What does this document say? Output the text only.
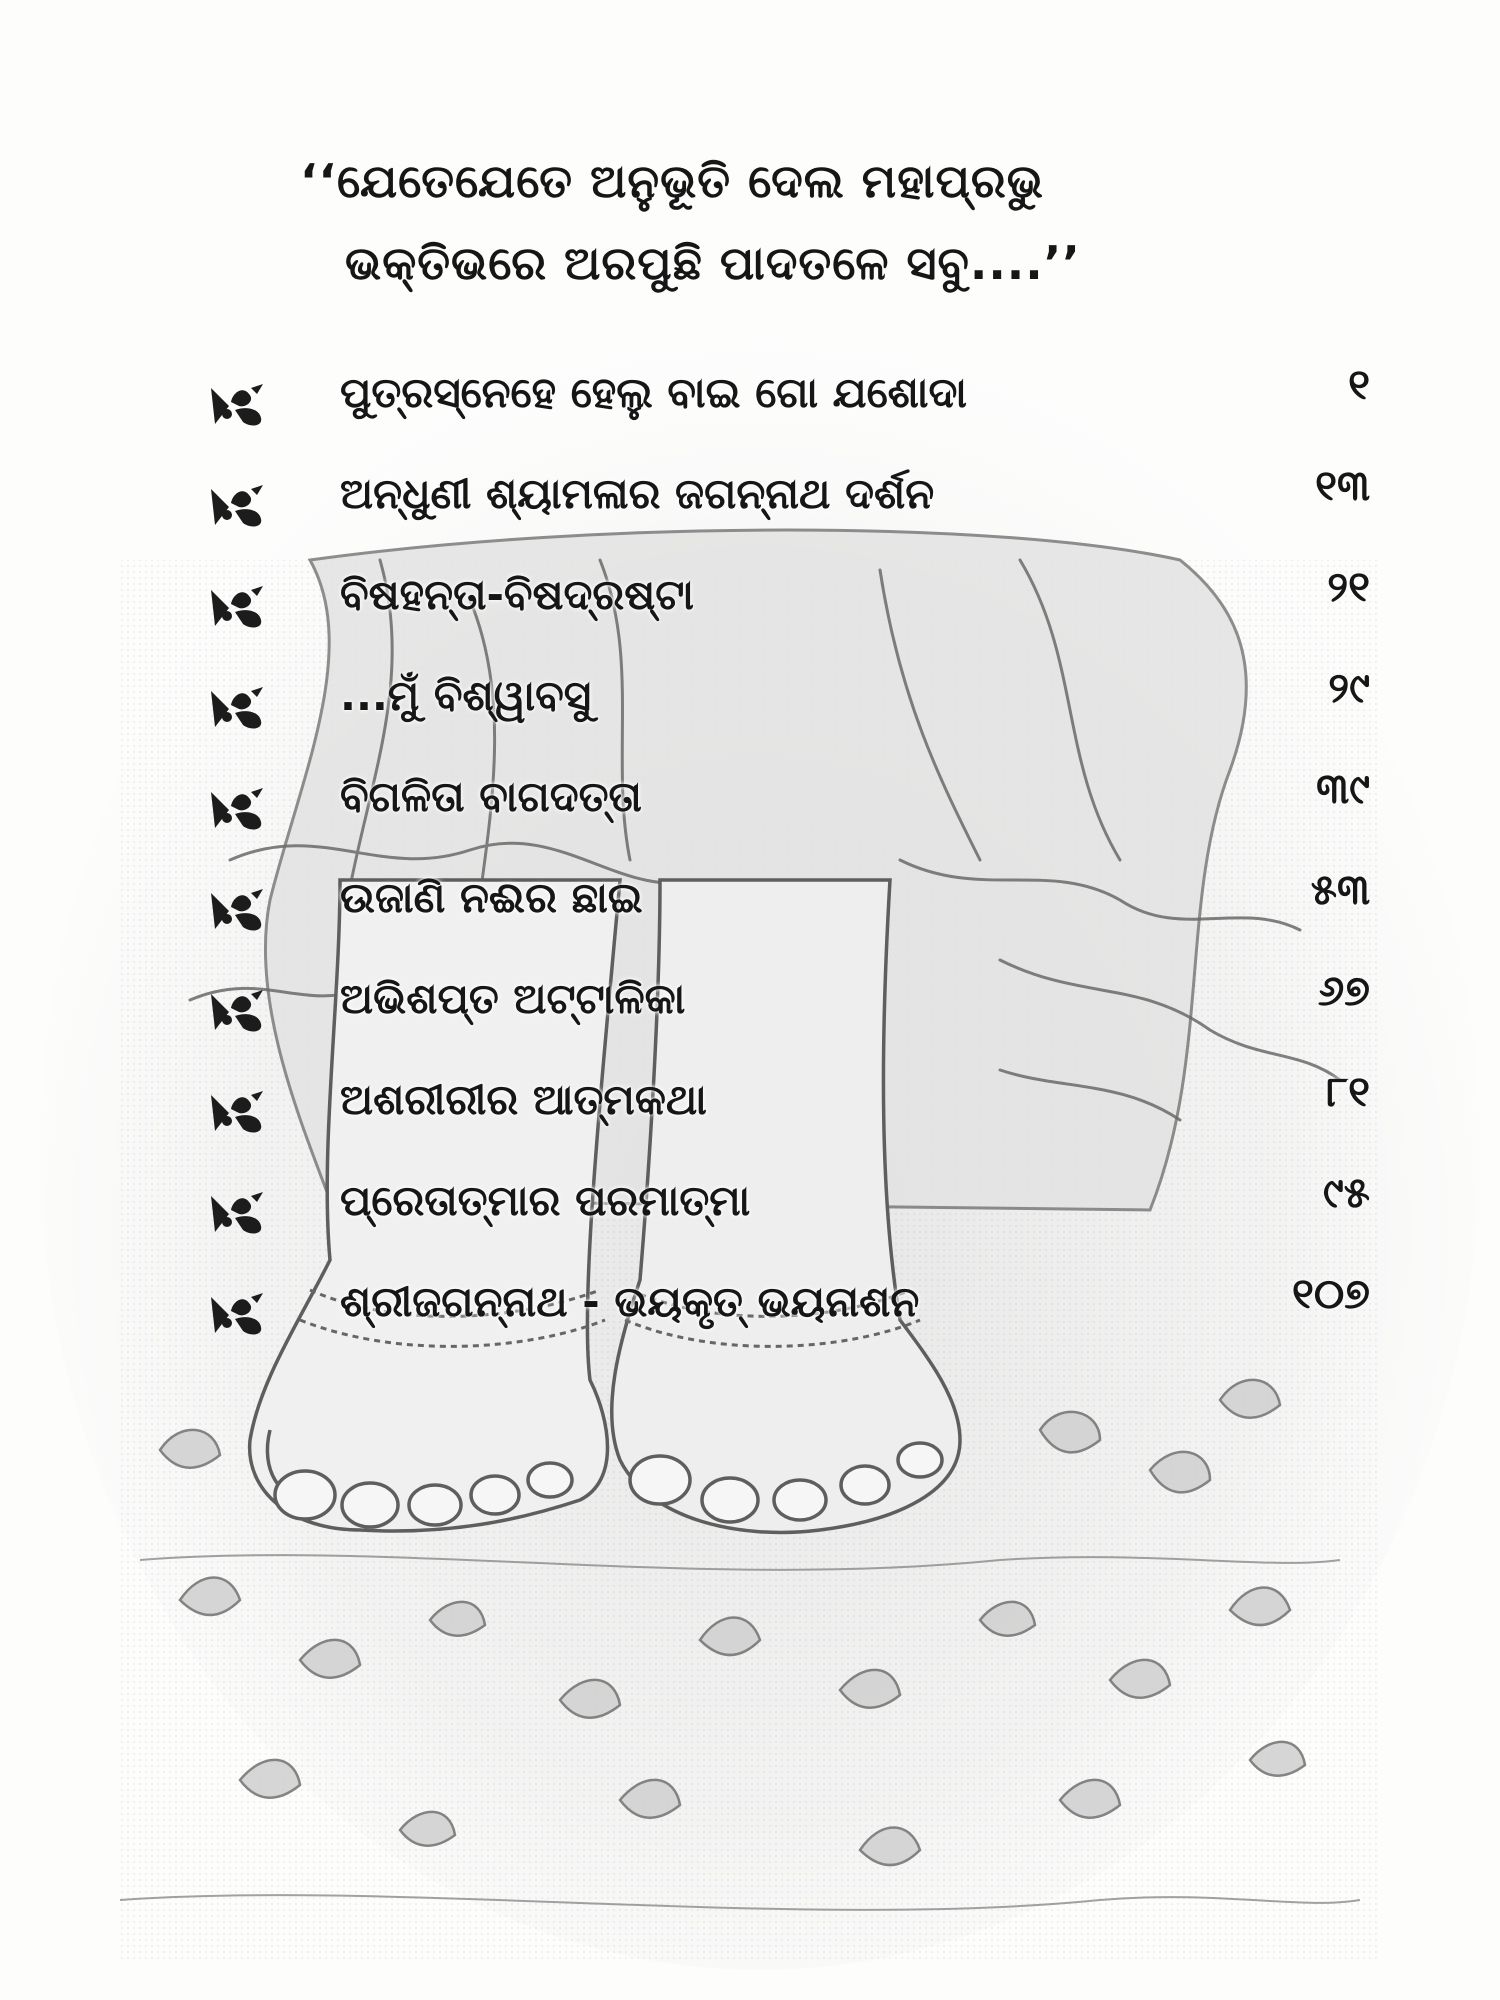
‘‘ଯେତେଯେତେ ଅନୁଭୂତି ଦେଲ ମହାପ୍ରଭୁ
ଭକ୍ତିଭରେ ଅରପୁଛି ପାଦତଳେ ସବୁ....’’
ପୁତ୍ରସ୍ନେହେ ହେଲୁ ବାଇ ଗୋ ଯଶୋଦା	୧
ଅନ୍ଧୁଣୀ ଶ୍ୟାମଳାର ଜଗନ୍ନାଥ ଦର୍ଶନ	୧୩
ବିଷହନ୍ତା-ବିଷଦ୍ରଷ୍ଟା	୨୧
...ମୁଁ ବିଶ୍ୱାବସୁ	୨୯
ବିଗଳିତା ବାଗଦତ୍ତା	୩୯
ଉଜାଣି ନଈର ଛାଇ	୫୩
ଅଭିଶପ୍ତ ଅଟ୍ଟାଳିକା	୬୭
ଅଶରୀରୀର ଆତ୍ମକଥା	୮୧
ପ୍ରେତାତ୍ମାର ପରମାତ୍ମା	୯୫
ଶ୍ରୀଜଗନ୍ନାଥ - ଭୟକୃତ୍ ଭୟନାଶନ	୧୦୭
